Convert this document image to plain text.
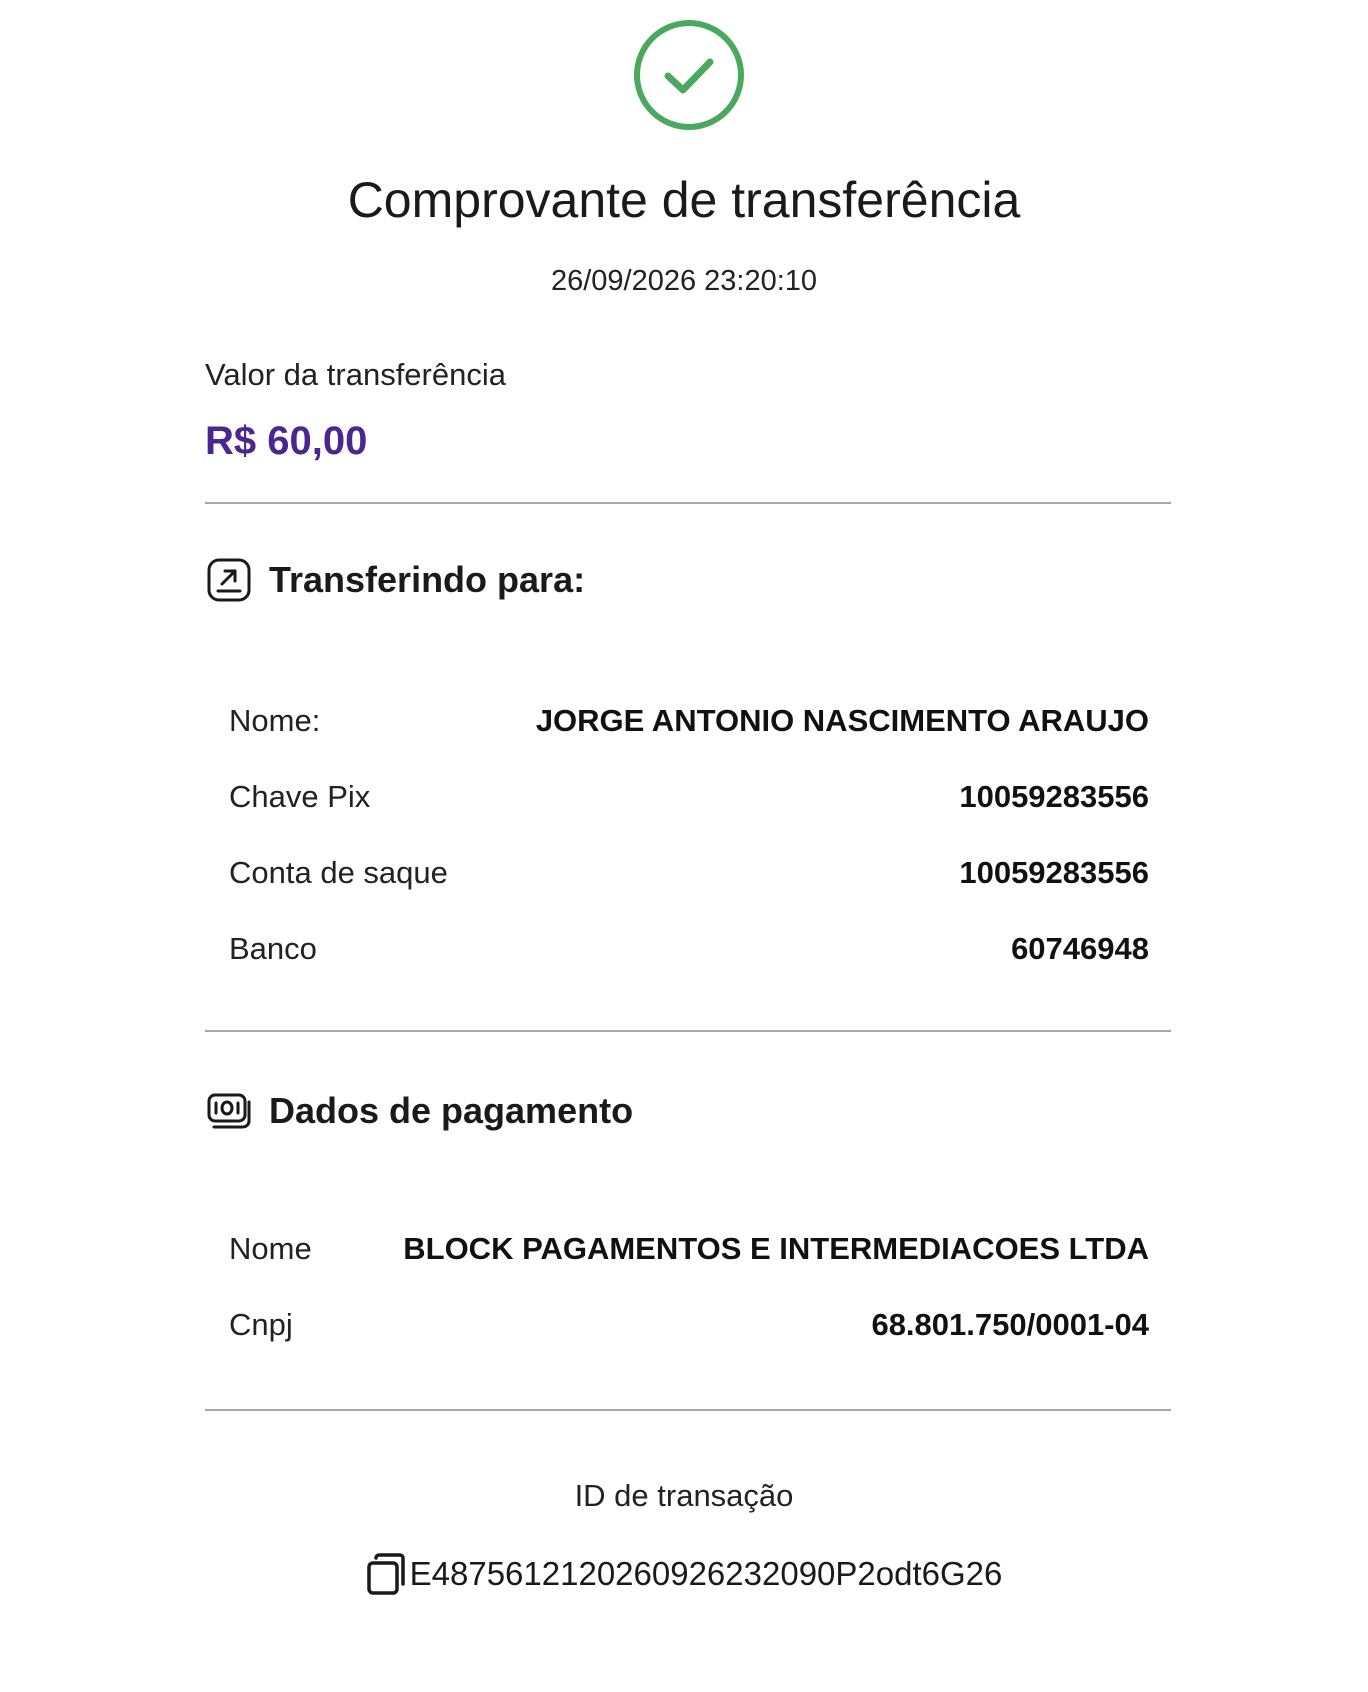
Comprovante de transferência
26/09/2026 23:20:10
Valor da transferência
R$ 60,00
Transferindo para:
Nome:	JORGE ANTONIO NASCIMENTO ARAUJO
Chave Pix	10059283556
Conta de saque	10059283556
Banco	60746948
Dados de pagamento
Nome	BLOCK PAGAMENTOS E INTERMEDIACOES LTDA
Cnpj	68.801.750/0001-04
ID de transação
E48756121202609262320​90P2odt6G26
